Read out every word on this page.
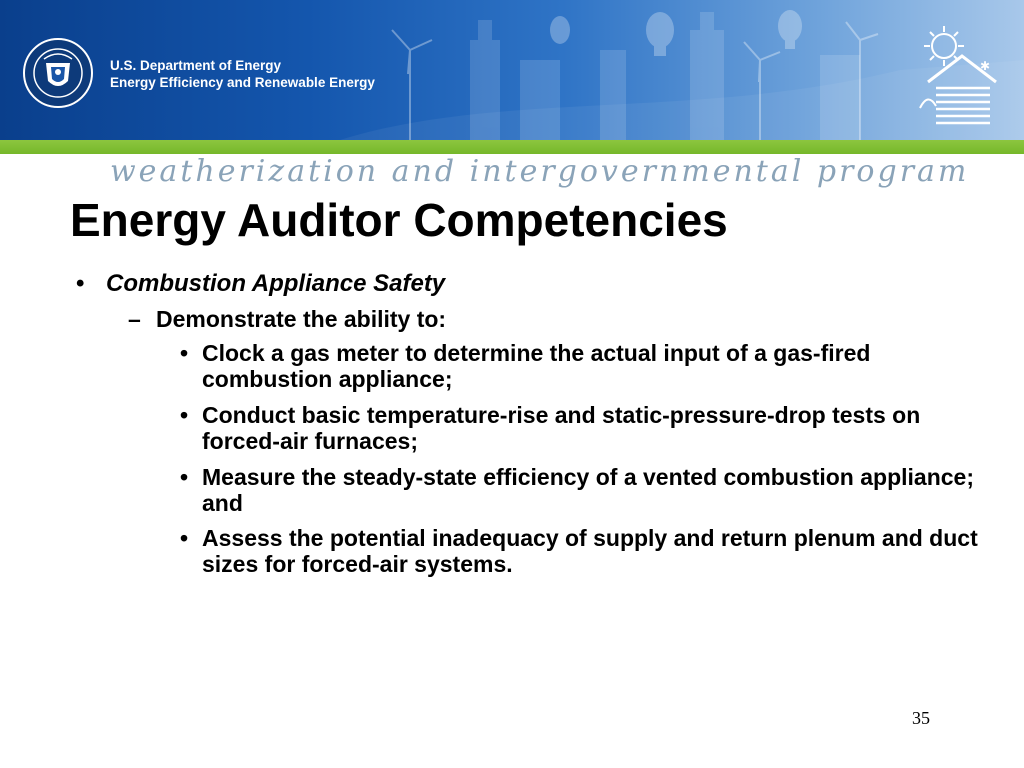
U.S. Department of Energy
Energy Efficiency and Renewable Energy
✱
weatherization and intergovernmental program
Energy Auditor Competencies
• Combustion Appliance Safety
– Demonstrate the ability to:
• Clock a gas meter to determine the actual input of a gas-fired combustion appliance;
• Conduct basic temperature-rise and static-pressure-drop tests on forced-air furnaces;
• Measure the steady-state efficiency of a vented combustion appliance; and
• Assess the potential inadequacy of supply and return plenum and duct sizes for forced-air systems.
35
